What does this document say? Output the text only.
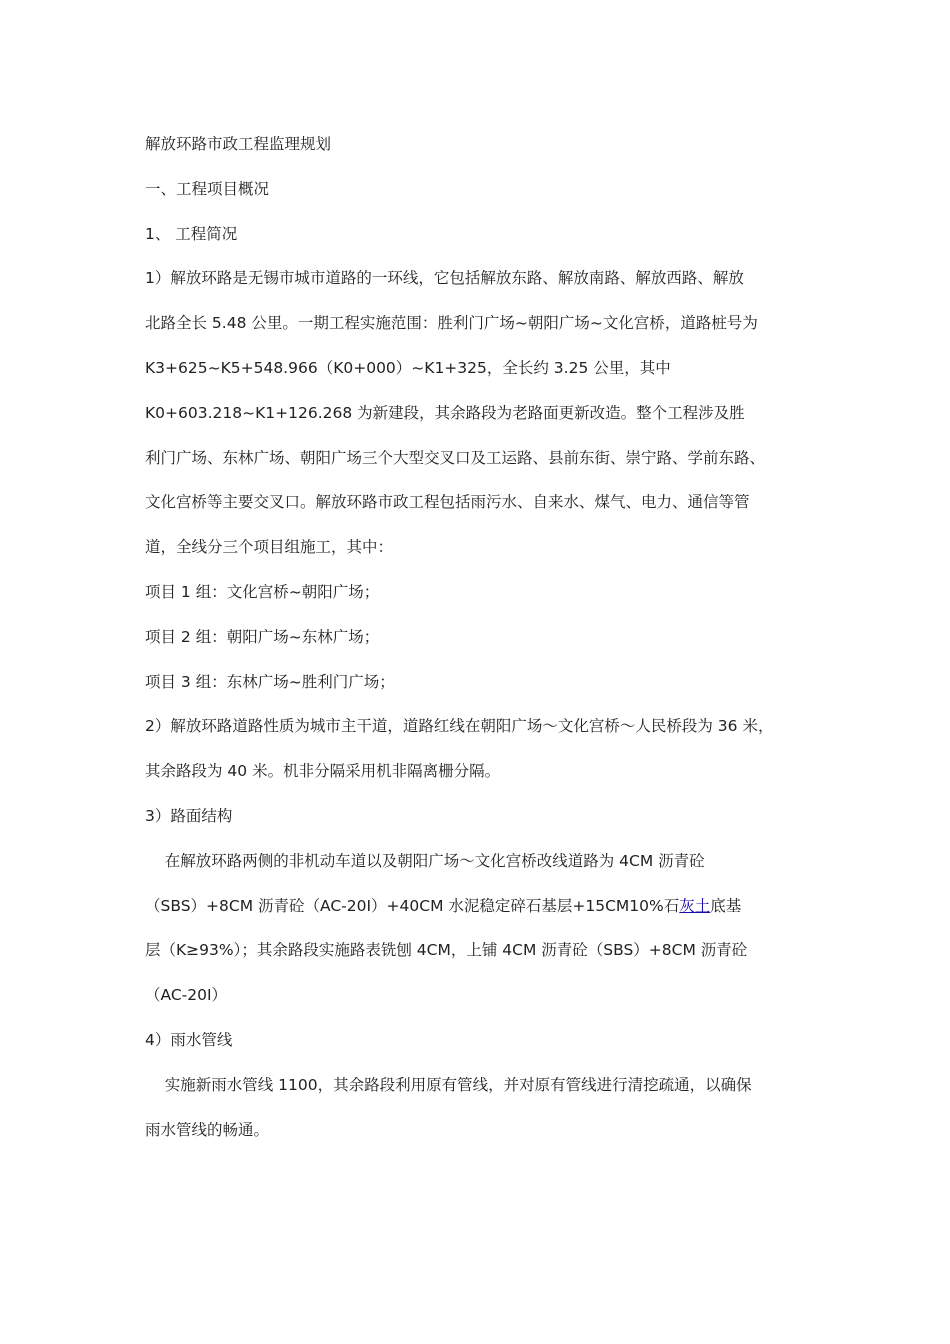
解放环路市政工程监理规划
一、工程项目概况
1、 工程简况
1）解放环路是无锡市城市道路的一环线，它包括解放东路、解放南路、解放西路、解放
北路全长 5.48 公里。一期工程实施范围：胜利门广场~朝阳广场~文化宫桥，道路桩号为
K3+625~K5+548.966（K0+000）~K1+325，全长约 3.25 公里，其中
K0+603.218~K1+126.268 为新建段，其余路段为老路面更新改造。整个工程涉及胜
利门广场、东林广场、朝阳广场三个大型交叉口及工运路、县前东街、崇宁路、学前东路、
文化宫桥等主要交叉口。解放环路市政工程包括雨污水、自来水、煤气、电力、通信等管
道，全线分三个项目组施工，其中：
项目 1 组：文化宫桥~朝阳广场；
项目 2 组：朝阳广场~东林广场；
项目 3 组：东林广场~胜利门广场；
2）解放环路道路性质为城市主干道，道路红线在朝阳广场～文化宫桥～人民桥段为 36 米，
其余路段为 40 米。机非分隔采用机非隔离栅分隔。
3）路面结构
在解放环路两侧的非机动车道以及朝阳广场～文化宫桥改线道路为 4CM 沥青砼
（SBS）+8CM 沥青砼（AC-20Ⅰ）+40CM 水泥稳定碎石基层+15CM10%石灰土底基
层（K≥93%）；其余路段实施路表铣刨 4CM，上铺 4CM 沥青砼（SBS）+8CM 沥青砼
（AC-20Ⅰ）
4）雨水管线
实施新雨水管线 1100，其余路段利用原有管线，并对原有管线进行清挖疏通，以确保
雨水管线的畅通。
